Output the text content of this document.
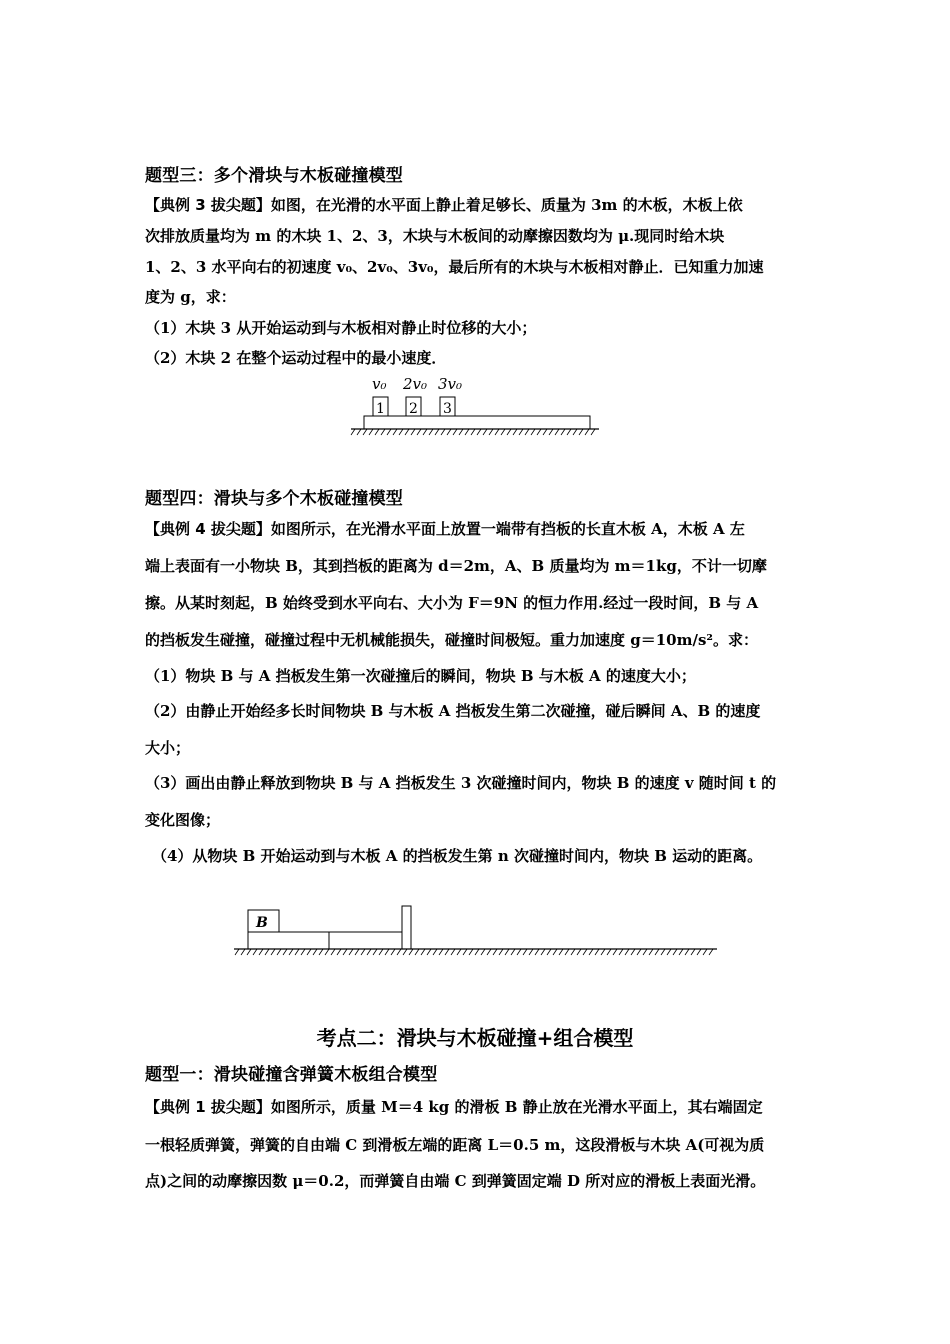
题型三：多个滑块与木板碰撞模型
【典例 3 拔尖题】如图，在光滑的水平面上静止着足够长、质量为 3m 的木板，木板上依
次排放质量均为 m 的木块 1、2、3，木块与木板间的动摩擦因数均为 μ.现同时给木块
1、2、3 水平向右的初速度 v₀、2v₀、3v₀，最后所有的木块与木板相对静止．已知重力加速
度为 g，求：
（1）木块 3 从开始运动到与木板相对静止时位移的大小；
（2）木块 2 在整个运动过程中的最小速度．
v₀ 2v₀ 3v₀
1 2 3
题型四：滑块与多个木板碰撞模型
【典例 4 拔尖题】如图所示，在光滑水平面上放置一端带有挡板的长直木板 A，木板 A 左
端上表面有一小物块 B，其到挡板的距离为 d＝2m，A、B 质量均为 m＝1kg，不计一切摩
擦。从某时刻起，B 始终受到水平向右、大小为 F＝9N 的恒力作用.经过一段时间，B 与 A
的挡板发生碰撞，碰撞过程中无机械能损失，碰撞时间极短。重力加速度 g＝10m/s²。求：
（1）物块 B 与 A 挡板发生第一次碰撞后的瞬间，物块 B 与木板 A 的速度大小；
（2）由静止开始经多长时间物块 B 与木板 A 挡板发生第二次碰撞，碰后瞬间 A、B 的速度
大小；
（3）画出由静止释放到物块 B 与 A 挡板发生 3 次碰撞时间内，物块 B 的速度 v 随时间 t 的
变化图像；
（4）从物块 B 开始运动到与木板 A 的挡板发生第 n 次碰撞时间内，物块 B 运动的距离。
B
考点二：滑块与木板碰撞+组合模型
题型一：滑块碰撞含弹簧木板组合模型
【典例 1 拔尖题】如图所示，质量 M＝4 kg 的滑板 B 静止放在光滑水平面上，其右端固定
一根轻质弹簧，弹簧的自由端 C 到滑板左端的距离 L＝0.5 m，这段滑板与木块 A(可视为质
点)之间的动摩擦因数 μ＝0.2，而弹簧自由端 C 到弹簧固定端 D 所对应的滑板上表面光滑。
